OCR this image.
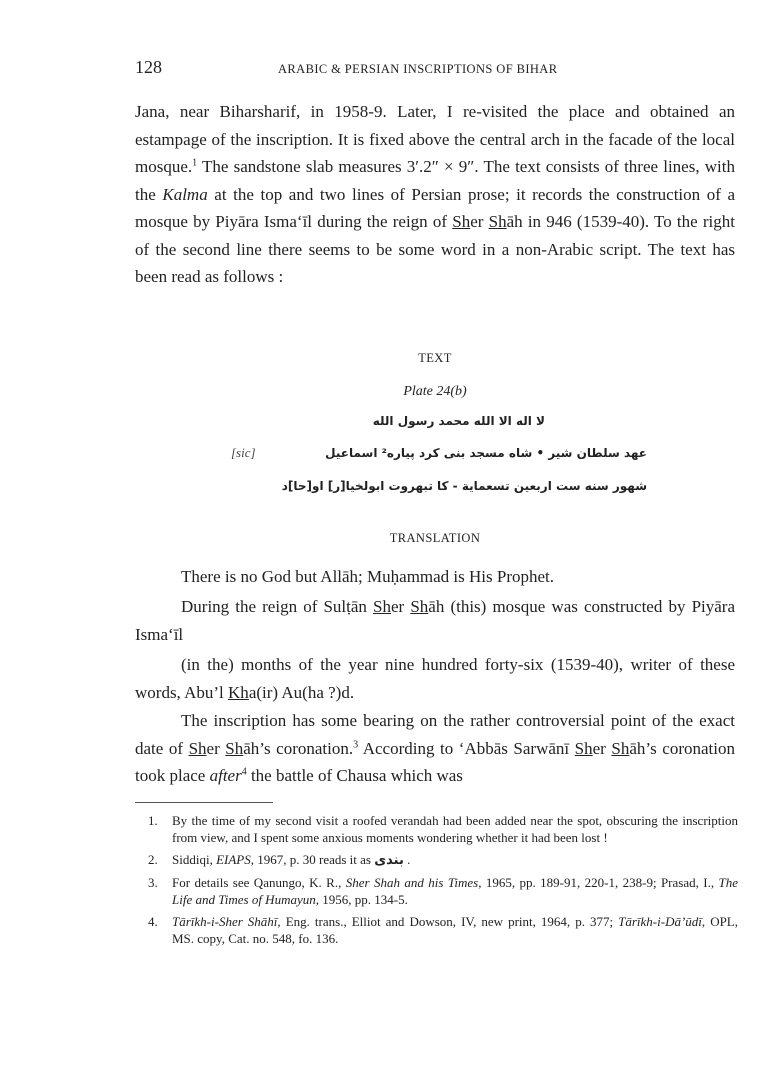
128	ARABIC & PERSIAN INSCRIPTIONS OF BIHAR
Jana, near Biharsharif, in 1958-9. Later, I re-visited the place and obtained an estampage of the inscription. It is fixed above the central arch in the facade of the local mosque.$^1$ The sandstone slab measures 3′.2″ × 9″. The text consists of three lines, with the Kalma at the top and two lines of Persian prose; it records the construction of a mosque by Piyāra Isma‘īl during the reign of Sher Shāh in 946 (1539-40). To the right of the second line there seems to be some word in a non-Arabic script. The text has been read as follows :
TEXT
Plate 24(b)
لا اله الا الله محمد رسول الله
[sic]	عهد سلطان شیر • شاه مسجد بنی کرد پیاره² اسماعیل
شهور سنه ست اربعین تسعمایة - کا تبهروت ابولخیا[ر] او[حا]د
TRANSLATION
There is no God but Allāh; Muḥammad is His Prophet.
During the reign of Sulṭān Sher Shāh (this) mosque was constructed by Piyāra Isma‘īl
(in the) months of the year nine hundred forty-six (1539-40), writer of these words, Abu’l Kha(ir) Au(ha ?)d.
The inscription has some bearing on the rather controversial point of the exact date of Sher Shāh’s coronation.$^3$ According to ‘Abbās Sarwānī Sher Shāh’s coronation took place after$^4$ the battle of Chausa which was
1.	By the time of my second visit a roofed verandah had been added near the spot, obscuring the inscription from view, and I spent some anxious moments wondering whether it had been lost !
2.	Siddiqi, EIAPS, 1967, p. 30 reads it as بندی .
3.	For details see Qanungo, K. R., Sher Shah and his Times, 1965, pp. 189-91, 220-1, 238-9; Prasad, I., The Life and Times of Humayun, 1956, pp. 134-5.
4.	Tārīkh-i-Sher Shāhī, Eng. trans., Elliot and Dowson, IV, new print, 1964, p. 377; Tārīkh-i-Dā’ūdī, OPL, MS. copy, Cat. no. 548, fo. 136.
